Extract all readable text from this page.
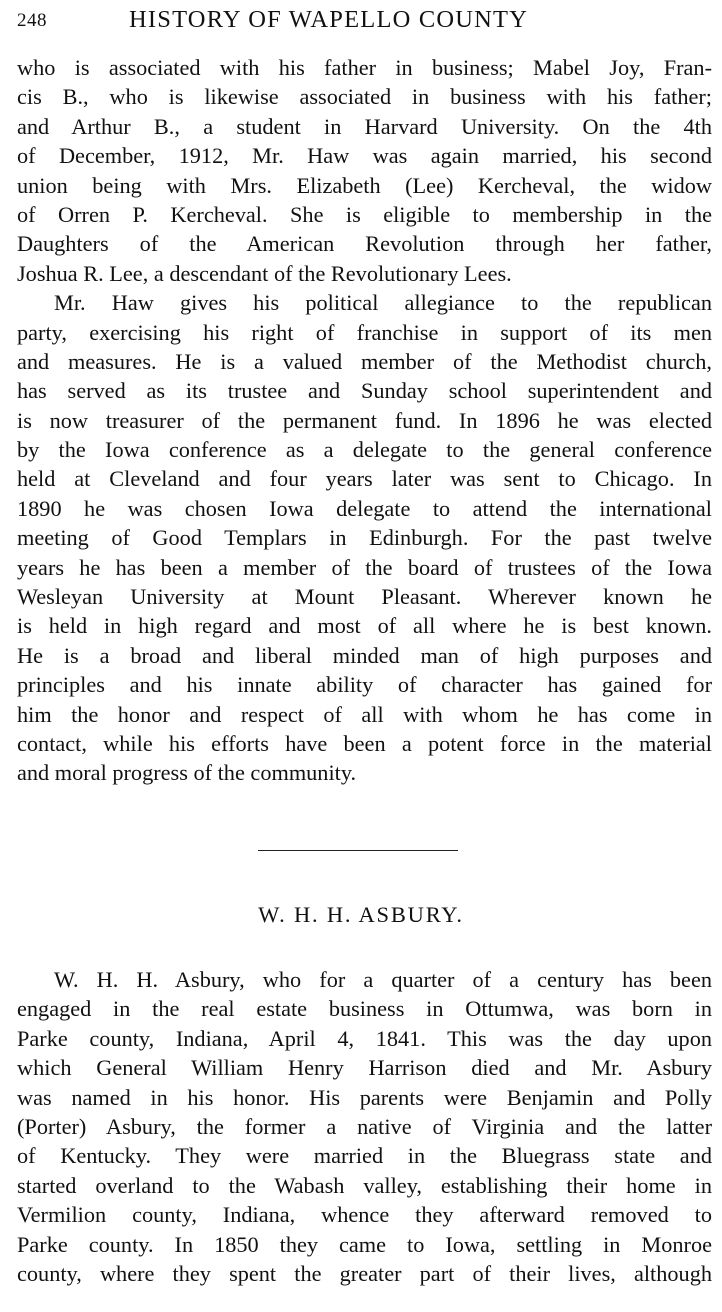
248	HISTORY OF WAPELLO COUNTY
who is associated with his father in business; Mabel Joy, Fran-
cis B., who is likewise associated in business with his father;
and Arthur B., a student in Harvard University. On the 4th
of December, 1912, Mr. Haw was again married, his second
union being with Mrs. Elizabeth (Lee) Kercheval, the widow
of Orren P. Kercheval. She is eligible to membership in the
Daughters of the American Revolution through her father,
Joshua R. Lee, a descendant of the Revolutionary Lees.
Mr. Haw gives his political allegiance to the republican
party, exercising his right of franchise in support of its men
and measures. He is a valued member of the Methodist church,
has served as its trustee and Sunday school superintendent and
is now treasurer of the permanent fund. In 1896 he was elected
by the Iowa conference as a delegate to the general conference
held at Cleveland and four years later was sent to Chicago. In
1890 he was chosen Iowa delegate to attend the international
meeting of Good Templars in Edinburgh. For the past twelve
years he has been a member of the board of trustees of the Iowa
Wesleyan University at Mount Pleasant. Wherever known he
is held in high regard and most of all where he is best known.
He is a broad and liberal minded man of high purposes and
principles and his innate ability of character has gained for
him the honor and respect of all with whom he has come in
contact, while his efforts have been a potent force in the material
and moral progress of the community.
W. H. H. ASBURY.
W. H. H. Asbury, who for a quarter of a century has been
engaged in the real estate business in Ottumwa, was born in
Parke county, Indiana, April 4, 1841. This was the day upon
which General William Henry Harrison died and Mr. Asbury
was named in his honor. His parents were Benjamin and Polly
(Porter) Asbury, the former a native of Virginia and the latter
of Kentucky. They were married in the Bluegrass state and
started overland to the Wabash valley, establishing their home in
Vermilion county, Indiana, whence they afterward removed to
Parke county. In 1850 they came to Iowa, settling in Monroe
county, where they spent the greater part of their lives, although
